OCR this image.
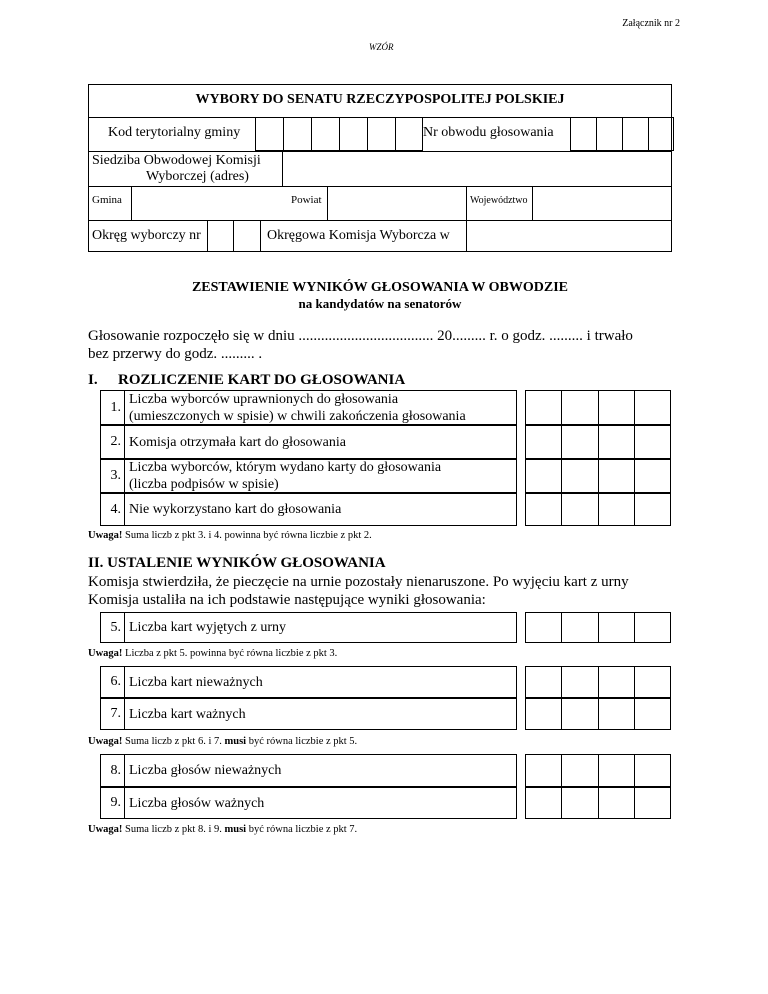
Załącznik nr 2
WZÓR
WYBORY DO SENATU RZECZYPOSPOLITEJ POLSKIEJ
Kod terytorialny gminy	Nr obwodu głosowania
Siedziba Obwodowej Komisji
Wyborczej (adres)
Gmina	Powiat	Województwo
Okręg wyborczy nr	Okręgowa Komisja Wyborcza w
ZESTAWIENIE WYNIKÓW GŁOSOWANIA W OBWODZIE
na kandydatów na senatorów
Głosowanie rozpoczęło się w dniu .................................... 20......... r. o godz. ......... i trwało
bez przerwy do godz. ......... .
I. ROZLICZENIE KART DO GŁOSOWANIA
1.
Liczba wyborców uprawnionych do głosowania
(umieszczonych w spisie) w chwili zakończenia głosowania
2. Komisja otrzymała kart do głosowania
3.
Liczba wyborców, którym wydano karty do głosowania
(liczba podpisów w spisie)
4. Nie wykorzystano kart do głosowania
Uwaga! Suma liczb z pkt 3. i 4. powinna być równa liczbie z pkt 2.
II. USTALENIE WYNIKÓW GŁOSOWANIA
Komisja stwierdziła, że pieczęcie na urnie pozostały nienaruszone. Po wyjęciu kart z urny
Komisja ustaliła na ich podstawie następujące wyniki głosowania:
5. Liczba kart wyjętych z urny
Uwaga! Liczba z pkt 5. powinna być równa liczbie z pkt 3.
6. Liczba kart nieważnych
7. Liczba kart ważnych
Uwaga! Suma liczb z pkt 6. i 7. musi być równa liczbie z pkt 5.
8. Liczba głosów nieważnych
9. Liczba głosów ważnych
Uwaga! Suma liczb z pkt 8. i 9. musi być równa liczbie z pkt 7.
